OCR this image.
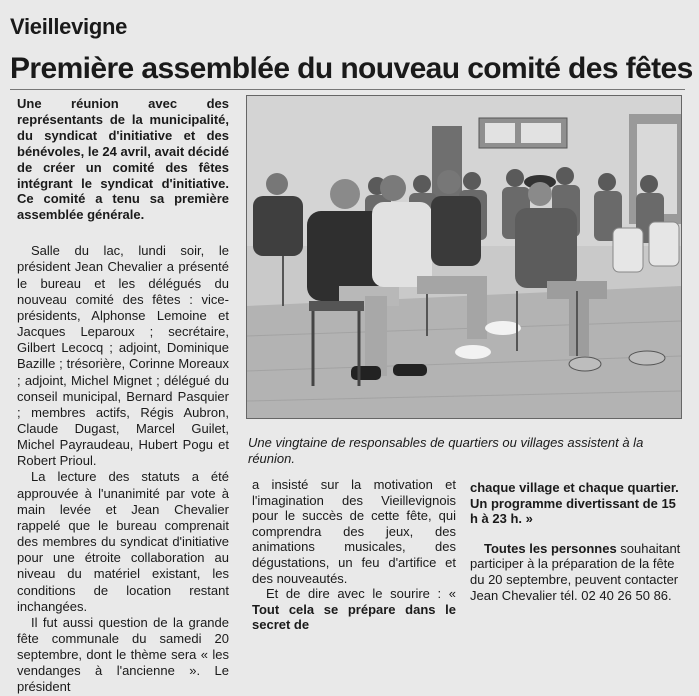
Vieillevigne
Première assemblée du nouveau comité des fêtes

Une réunion avec des représentants de la municipalité, du syndicat d'initiative et des bénévoles, le 24 avril, avait décidé de créer un comité des fêtes intégrant le syndicat d'initiative. Ce comité a tenu sa première assemblée générale.

Salle du lac, lundi soir, le président Jean Chevalier a présenté le bureau et les délégués du nouveau comité des fêtes : vice-présidents, Alphonse Lemoine et Jacques Leparoux ; secrétaire, Gilbert Lecocq ; adjoint, Dominique Bazille ; trésorière, Corinne Moreaux ; adjoint, Michel Mignet ; délégué du conseil municipal, Bernard Pasquier ; membres actifs, Régis Aubron, Claude Dugast, Marcel Guilet, Michel Payraudeau, Hubert Pogu et Robert Prioul.

La lecture des statuts a été approuvée à l'unanimité par vote à main levée et Jean Chevalier rappelé que le bureau comprenait des membres du syndicat d'initiative pour une étroite collaboration au niveau du matériel existant, les conditions de location restant inchangées.

Il fut aussi question de la grande fête communale du samedi 20 septembre, dont le thème sera « les vendanges à l'ancienne ». Le président

Une vingtaine de responsables de quartiers ou villages assistent à la réunion.

a insisté sur la motivation et l'imagination des Vieillevignois pour le succès de cette fête, qui comprendra des jeux, des animations musicales, des dégustations, un feu d'artifice et des nouveautés.

Et de dire avec le sourire : « Tout cela se prépare dans le secret de

chaque village et chaque quartier. Un programme divertissant de 15 h à 23 h. »

Toutes les personnes souhaitant participer à la préparation de la fête du 20 septembre, peuvent contacter Jean Chevalier tél. 02 40 26 50 86.
